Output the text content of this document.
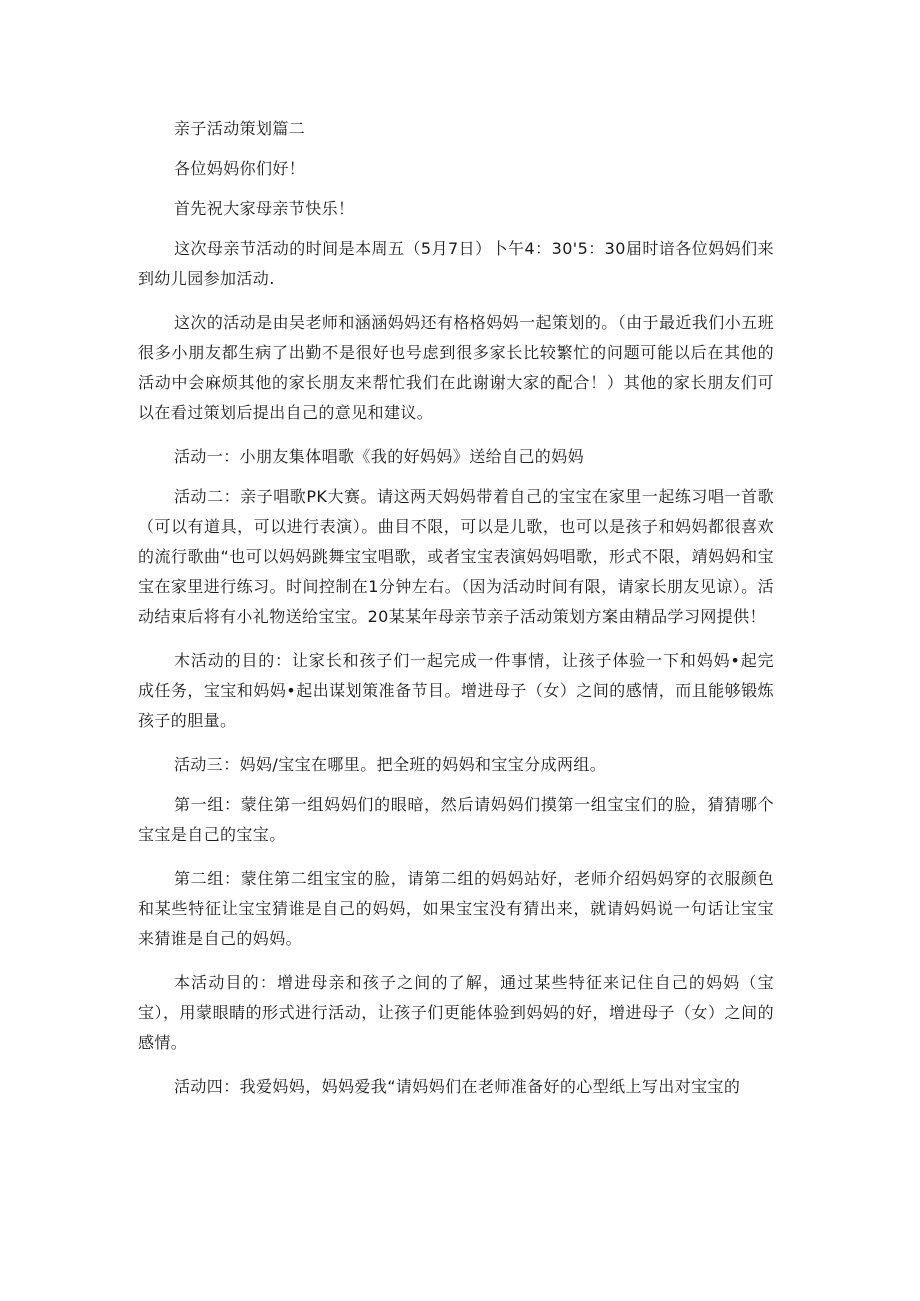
亲子活动策划篇二

各位妈妈你们好！

首先祝大家母亲节快乐！

这次母亲节活动的时间是本周五（5月7日）卜午4：30'5：30届时谙各位妈妈们来到幼儿园参加活动.

这次的活动是由吴老师和涵涵妈妈还有格格妈妈一起策划的。（由于最近我们小五班很多小朋友都生病了出勤不是很好也号虑到很多家长比较繁忙的问题可能以后在其他的活动中会麻烦其他的家长朋友来帮忙我们在此谢谢大家的配合！）其他的家长朋友们可以在看过策划后提出自己的意见和建议。

活动一：小朋友集体唱歌《我的好妈妈》送给自己的妈妈

活动二：亲子唱歌PK大赛。请这两天妈妈带着自己的宝宝在家里一起练习唱一首歌（可以有道具，可以进行表演）。曲目不限，可以是儿歌，也可以是孩子和妈妈都很喜欢的流行歌曲“也可以妈妈跳舞宝宝唱歌，或者宝宝表演妈妈唱歌，形式不限，靖妈妈和宝宝在家里进行练习。时间控制在1分钟左右。（因为活动时间有限，请家长朋友见谅）。活动结束后将有小礼物送给宝宝。20某某年母亲节亲子活动策划方案由精品学习网提供！

木活动的目的：让家长和孩子们一起完成一件事情，让孩子体验一下和妈妈•起完成任务，宝宝和妈妈•起出谋划策准备节目。增进母子（女）之间的感情，而且能够锻炼孩子的胆量。

活动三：妈妈/宝宝在哪里。把全班的妈妈和宝宝分成两组。

第一组：蒙住第一组妈妈们的眼暗，然后请妈妈们摸第一组宝宝们的脸，猜猜哪个宝宝是自己的宝宝。

第二组：蒙住第二组宝宝的脸，请第二组的妈妈站好，老师介绍妈妈穿的衣服颜色和某些特征让宝宝猜谁是自己的妈妈，如果宝宝没有猜出来，就请妈妈说一句话让宝宝来猜谁是自己的妈妈。

本活动目的：增进母亲和孩子之间的了解，通过某些特征来记住自己的妈妈（宝宝），用蒙眼睛的形式进行活动，让孩子们更能体验到妈妈的好，增进母子（女）之间的感情。

活动四：我爱妈妈，妈妈爱我“请妈妈们在老师准备好的心型纸上写出对宝宝的
